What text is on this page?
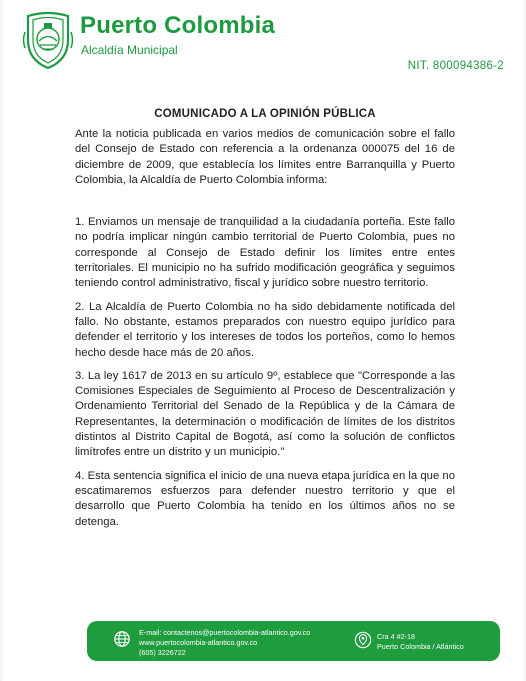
Puerto Colombia
Alcaldía Municipal
NIT. 800094386-2
COMUNICADO A LA OPINIÓN PÚBLICA

Ante la noticia publicada en varios medios de comunicación sobre el fallo del Consejo de Estado con referencia a la ordenanza 000075 del 16 de diciembre de 2009, que establecía los límites entre Barranquilla y Puerto Colombia, la Alcaldía de Puerto Colombia informa:

1. Enviamos un mensaje de tranquilidad a la ciudadanía porteña. Este fallo no podría implicar ningún cambio territorial de Puerto Colombia, pues no corresponde al Consejo de Estado definir los límites entre entes territoriales. El municipio no ha sufrido modificación geográfica y seguimos teniendo control administrativo, fiscal y jurídico sobre nuestro territorio.

2. La Alcaldía de Puerto Colombia no ha sido debidamente notificada del fallo. No obstante, estamos preparados con nuestro equipo jurídico para defender el territorio y los intereses de todos los porteños, como lo hemos hecho desde hace más de 20 años.

3. La ley 1617 de 2013 en su artículo 9º, establece que "Corresponde a las Comisiones Especiales de Seguimiento al Proceso de Descentralización y Ordenamiento Territorial del Senado de la República y de la Cámara de Representantes, la determinación o modificación de límites de los distritos distintos al Distrito Capital de Bogotá, así como la solución de conflictos limítrofes entre un distrito y un municipio."

4. Esta sentencia significa el inicio de una nueva etapa jurídica en la que no escatimaremos esfuerzos para defender nuestro territorio y que el desarrollo que Puerto Colombia ha tenido en los últimos años no se detenga.

E-mail: contactenos@puertocolombia-atlantico.gov.co
www.puertocolombia-atlantico.gov.co
(605) 3226722
Cra 4 #2-18
Puerto Colombia / Atlántico
